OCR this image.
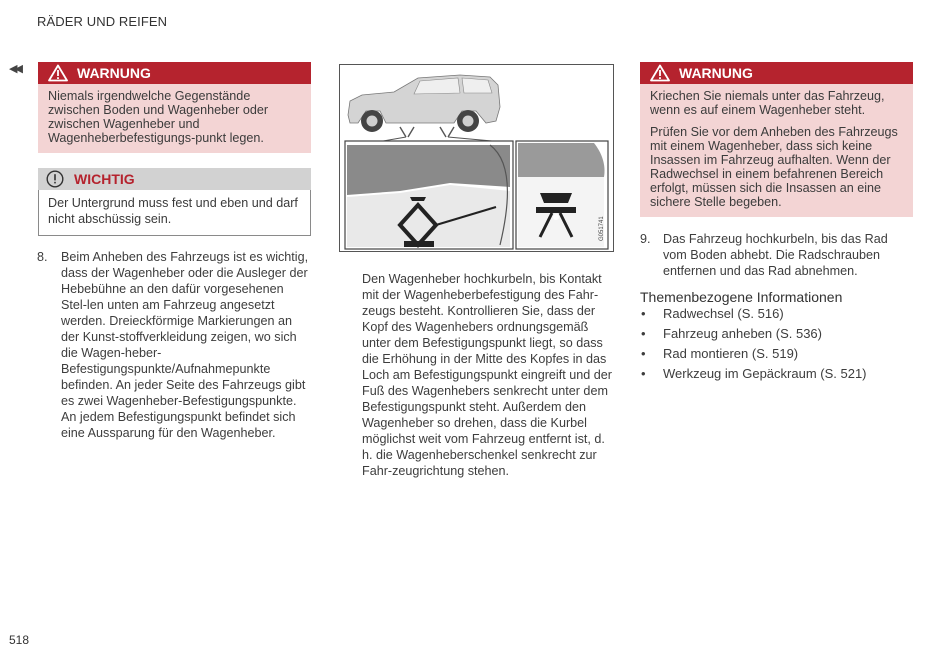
RÄDER UND REIFEN
◀◀	WARNUNG
Niemals irgendwelche Gegenstände zwischen Boden und Wagenheber oder zwischen Wagenheber und Wagenheberbefestigungs-punkt legen.
WICHTIG
Der Untergrund muss fest und eben und darf nicht abschüssig sein.
8. Beim Anheben des Fahrzeugs ist es wichtig, dass der Wagenheber oder die Ausleger der Hebebühne an den dafür vorgesehenen Stel-len unten am Fahrzeug angesetzt werden. Dreieckförmige Markierungen an der Kunst-stoffverkleidung zeigen, wo sich die Wagen-heber-Befestigungspunkte/Aufnahmepunkte befinden. An jeder Seite des Fahrzeugs gibt es zwei Wagenheber-Befestigungspunkte. An jedem Befestigungspunkt befindet sich eine Aussparung für den Wagenheber.
G051741
Den Wagenheber hochkurbeln, bis Kontakt mit der Wagenheberbefestigung des Fahr-zeugs besteht. Kontrollieren Sie, dass der Kopf des Wagenhebers ordnungsgemäß unter dem Befestigungspunkt liegt, so dass die Erhöhung in der Mitte des Kopfes in das Loch am Befestigungspunkt eingreift und der Fuß des Wagenhebers senkrecht unter dem Befestigungspunkt steht. Außerdem den Wagenheber so drehen, dass die Kurbel möglichst weit vom Fahrzeug entfernt ist, d. h. die Wagenheberschenkel senkrecht zur Fahr-zeugrichtung stehen.
WARNUNG

Kriechen Sie niemals unter das Fahrzeug, wenn es auf einem Wagenheber steht.

Prüfen Sie vor dem Anheben des Fahrzeugs mit einem Wagenheber, dass sich keine Insassen im Fahrzeug aufhalten. Wenn der Radwechsel in einem befahrenen Bereich erfolgt, müssen sich die Insassen an eine sichere Stelle begeben.

9. Das Fahrzeug hochkurbeln, bis das Rad vom Boden abhebt. Die Radschrauben entfernen und das Rad abnehmen.
Themenbezogene Informationen
• Radwechsel (S. 516)
• Fahrzeug anheben (S. 536)
• Rad montieren (S. 519)
• Werkzeug im Gepäckraum (S. 521)
518
